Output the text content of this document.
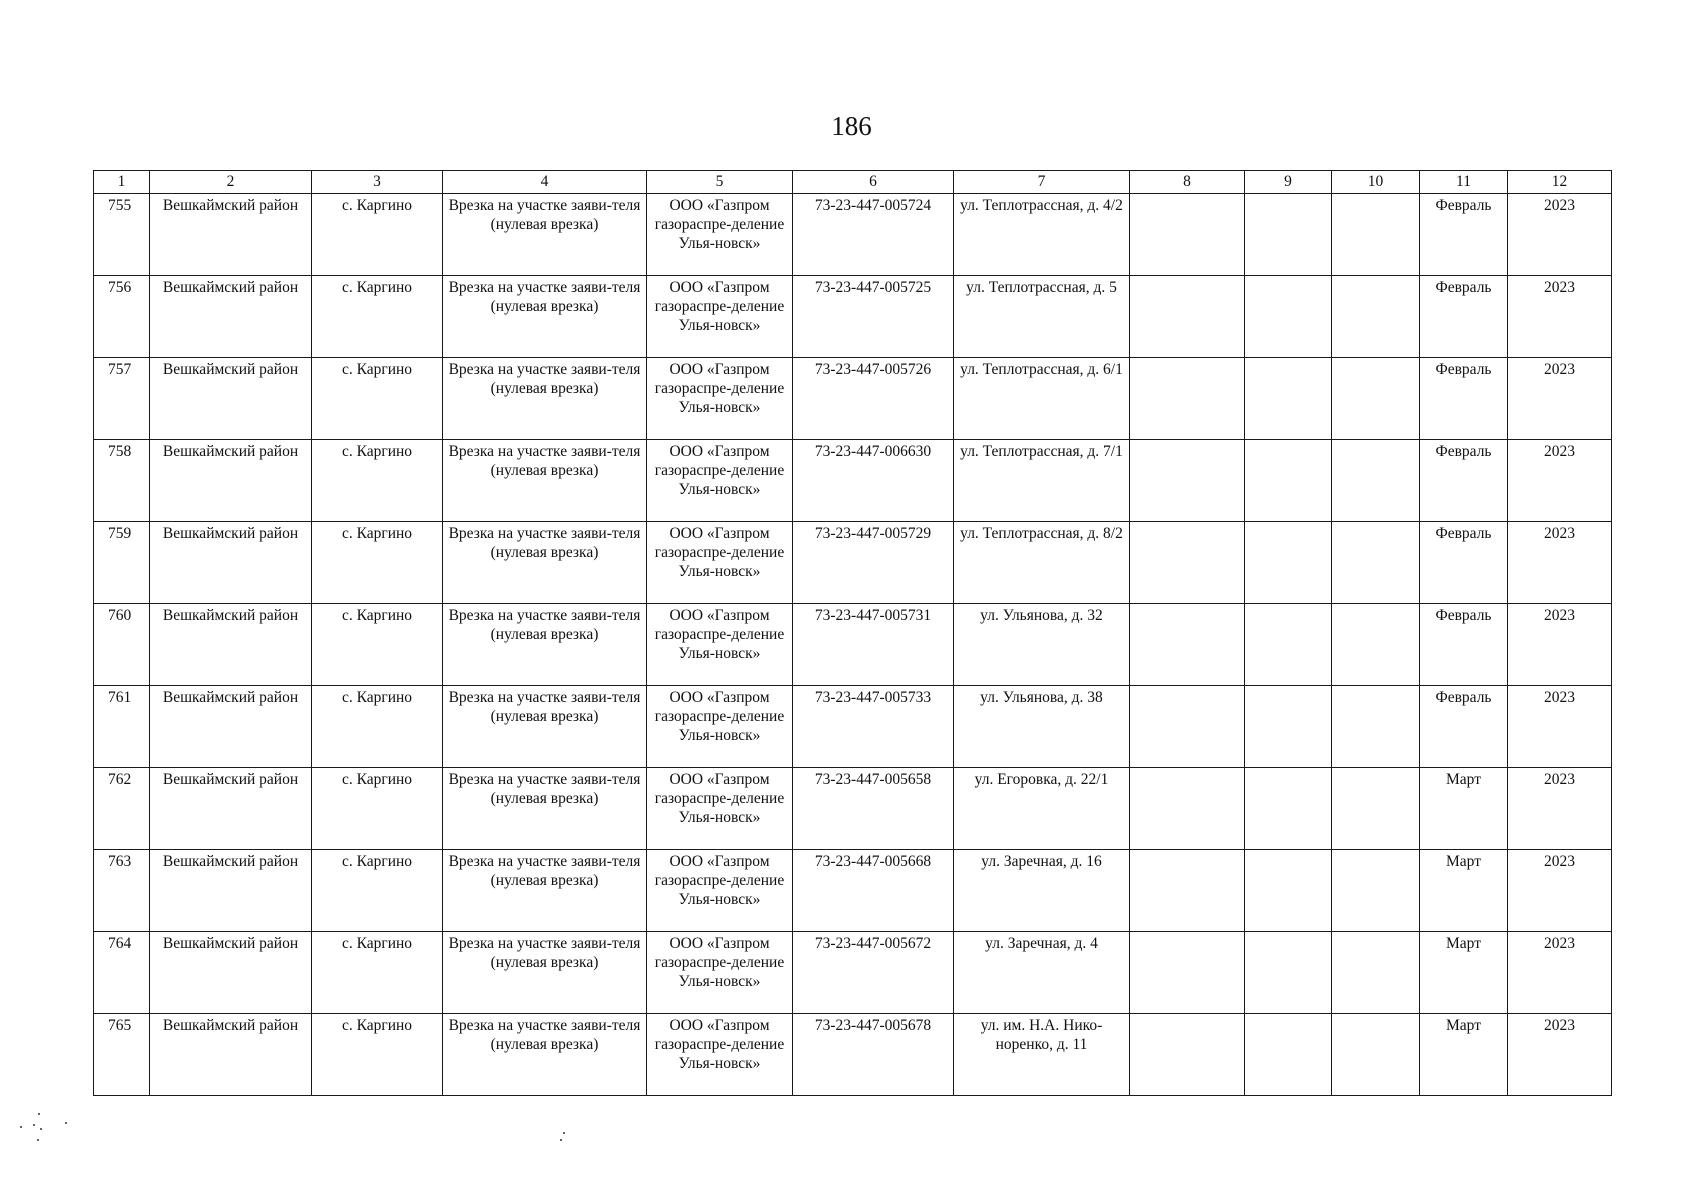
186
1	2	3	4	5	6	7	8	9	10	11	12
755	Вешкаймский район	с. Каргино	Врезка на участке заяви-теля (нулевая врезка)	ООО «Газпром газораспре-деление Улья-новск»	73-23-447-005724	ул. Теплотрассная, д. 4/2				Февраль	2023
756	Вешкаймский район	с. Каргино	Врезка на участке заяви-теля (нулевая врезка)	ООО «Газпром газораспре-деление Улья-новск»	73-23-447-005725	ул. Теплотрассная, д. 5				Февраль	2023
757	Вешкаймский район	с. Каргино	Врезка на участке заяви-теля (нулевая врезка)	ООО «Газпром газораспре-деление Улья-новск»	73-23-447-005726	ул. Теплотрассная, д. 6/1				Февраль	2023
758	Вешкаймский район	с. Каргино	Врезка на участке заяви-теля (нулевая врезка)	ООО «Газпром газораспре-деление Улья-новск»	73-23-447-006630	ул. Теплотрассная, д. 7/1				Февраль	2023
759	Вешкаймский район	с. Каргино	Врезка на участке заяви-теля (нулевая врезка)	ООО «Газпром газораспре-деление Улья-новск»	73-23-447-005729	ул. Теплотрассная, д. 8/2				Февраль	2023
760	Вешкаймский район	с. Каргино	Врезка на участке заяви-теля (нулевая врезка)	ООО «Газпром газораспре-деление Улья-новск»	73-23-447-005731	ул. Ульянова, д. 32				Февраль	2023
761	Вешкаймский район	с. Каргино	Врезка на участке заяви-теля (нулевая врезка)	ООО «Газпром газораспре-деление Улья-новск»	73-23-447-005733	ул. Ульянова, д. 38				Февраль	2023
762	Вешкаймский район	с. Каргино	Врезка на участке заяви-теля (нулевая врезка)	ООО «Газпром газораспре-деление Улья-новск»	73-23-447-005658	ул. Егоровка, д. 22/1				Март	2023
763	Вешкаймский район	с. Каргино	Врезка на участке заяви-теля (нулевая врезка)	ООО «Газпром газораспре-деление Улья-новск»	73-23-447-005668	ул. Заречная, д. 16				Март	2023
764	Вешкаймский район	с. Каргино	Врезка на участке заяви-теля (нулевая врезка)	ООО «Газпром газораспре-деление Улья-новск»	73-23-447-005672	ул. Заречная, д. 4				Март	2023
765	Вешкаймский район	с. Каргино	Врезка на участке заяви-теля (нулевая врезка)	ООО «Газпром газораспре-деление Улья-новск»	73-23-447-005678	ул. им. Н.А. Нико-норенко, д. 11				Март	2023
